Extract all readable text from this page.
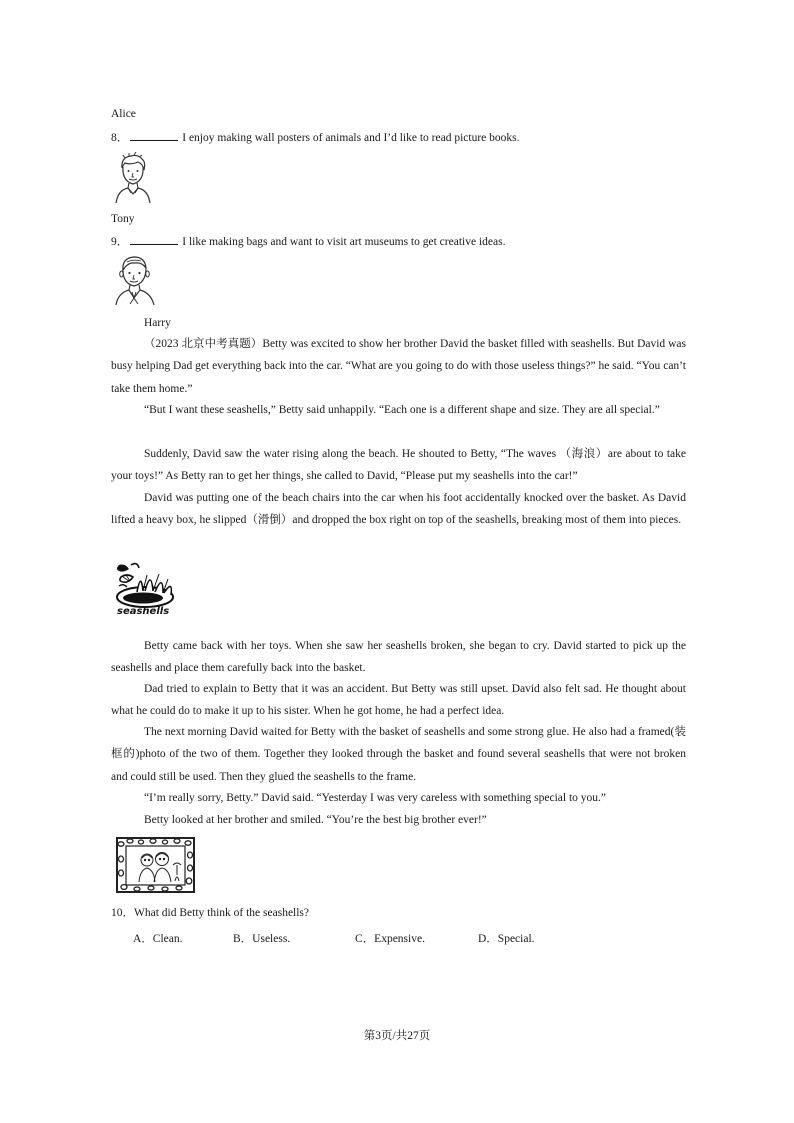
Alice
8．	I enjoy making wall posters of animals and I’d like to read picture books.
Tony
9．	I like making bags and want to visit art museums to get creative ideas.
Harry
（2023 北京中考真题）Betty was excited to show her brother David the basket filled with seashells. But David was busy helping Dad get everything back into the car. “What are you going to do with those useless things?” he said. “You can’t take them home.”
“But I want these seashells,” Betty said unhappily. “Each one is a different shape and size. They are all special.”
Suddenly, David saw the water rising along the beach. He shouted to Betty, “The waves （海浪）are about to take your toys!” As Betty ran to get her things, she called to David, “Please put my seashells into the car!”
David was putting one of the beach chairs into the car when his foot accidentally knocked over the basket. As David lifted a heavy box, he slipped（滑倒）and dropped the box right on top of the seashells, breaking most of them into pieces.
seashells
Betty came back with her toys. When she saw her seashells broken, she began to cry. David started to pick up the seashells and place them carefully back into the basket.
Dad tried to explain to Betty that it was an accident. But Betty was still upset. David also felt sad. He thought about what he could do to make it up to his sister. When he got home, he had a perfect idea.
The next morning David waited for Betty with the basket of seashells and some strong glue. He also had a framed(装框的)photo of the two of them. Together they looked through the basket and found several seashells that were not broken and could still be used. Then they glued the seashells to the frame.
“I’m really sorry, Betty.” David said. “Yesterday I was very careless with something special to you.”
Betty looked at her brother and smiled. “You’re the best big brother ever!”
10．What did Betty think of the seashells?
A．Clean.	B．Useless.	C．Expensive.	D．Special.
第3页/共27页
